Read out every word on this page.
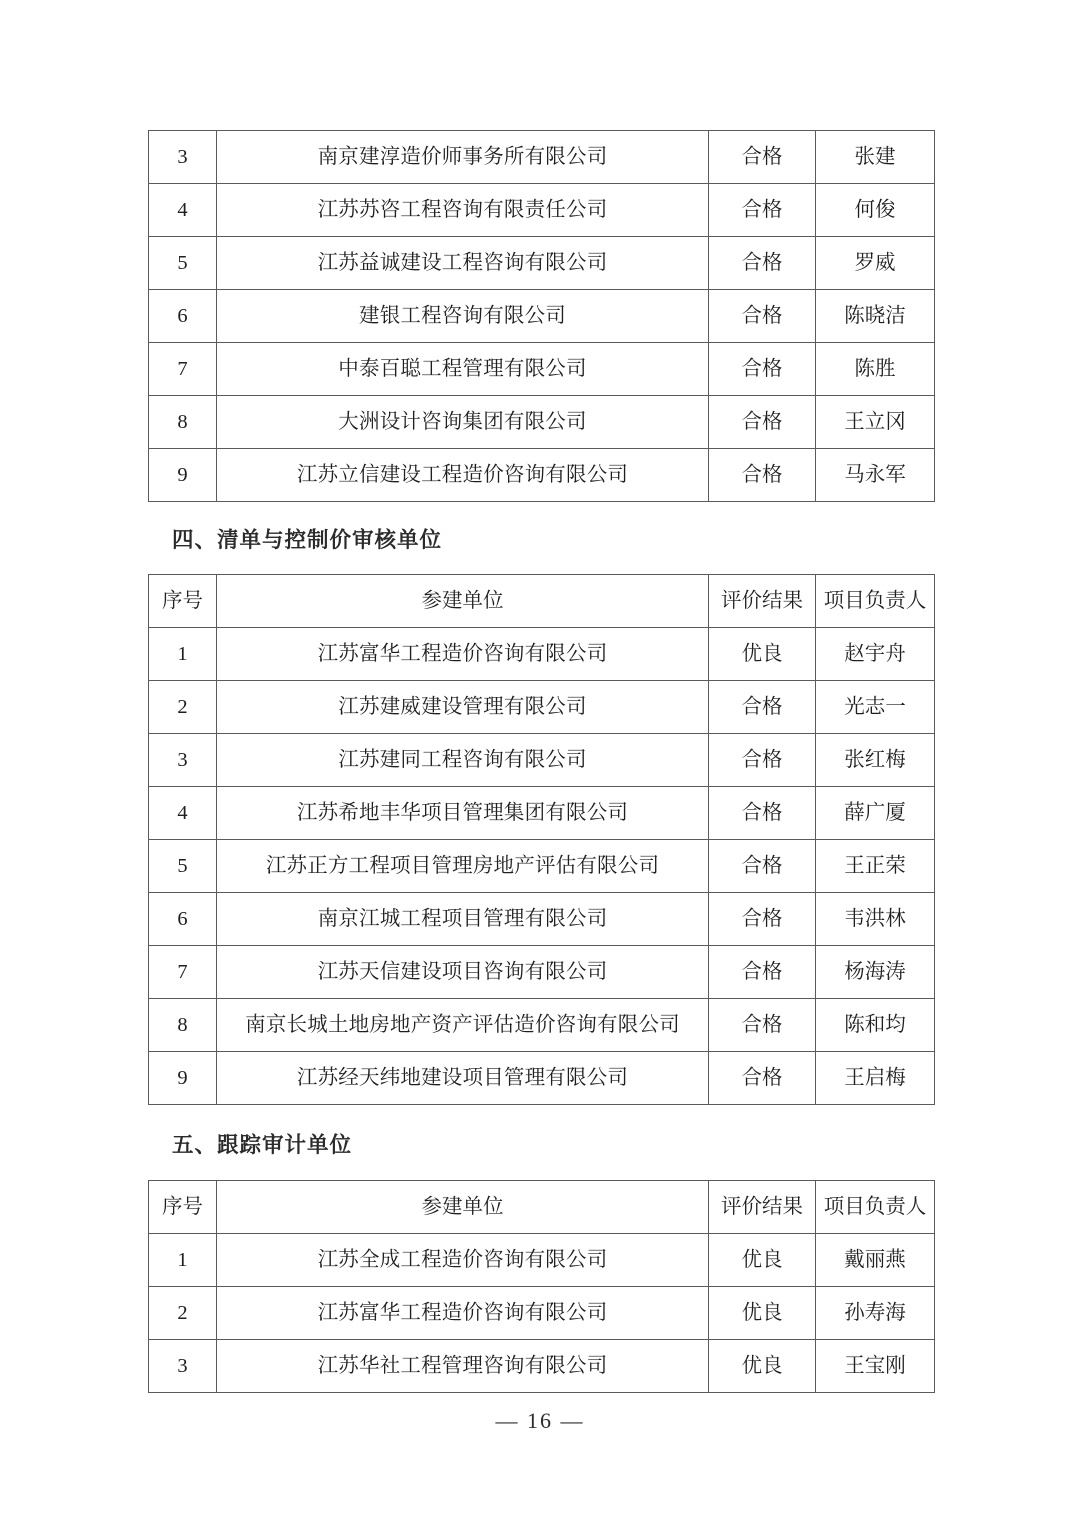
3	南京建淳造价师事务所有限公司	合格	张建
4	江苏苏咨工程咨询有限责任公司	合格	何俊
5	江苏益诚建设工程咨询有限公司	合格	罗威
6	建银工程咨询有限公司	合格	陈晓洁
7	中泰百聪工程管理有限公司	合格	陈胜
8	大洲设计咨询集团有限公司	合格	王立冈
9	江苏立信建设工程造价咨询有限公司	合格	马永军
四、清单与控制价审核单位
序号	参建单位	评价结果	项目负责人
1	江苏富华工程造价咨询有限公司	优良	赵宇舟
2	江苏建威建设管理有限公司	合格	光志一
3	江苏建同工程咨询有限公司	合格	张红梅
4	江苏希地丰华项目管理集团有限公司	合格	薛广厦
5	江苏正方工程项目管理房地产评估有限公司	合格	王正荣
6	南京江城工程项目管理有限公司	合格	韦洪林
7	江苏天信建设项目咨询有限公司	合格	杨海涛
8	南京长城土地房地产资产评估造价咨询有限公司	合格	陈和均
9	江苏经天纬地建设项目管理有限公司	合格	王启梅
五、跟踪审计单位
序号	参建单位	评价结果	项目负责人
1	江苏全成工程造价咨询有限公司	优良	戴丽燕
2	江苏富华工程造价咨询有限公司	优良	孙寿海
3	江苏华社工程管理咨询有限公司	优良	王宝刚
— 16 —
